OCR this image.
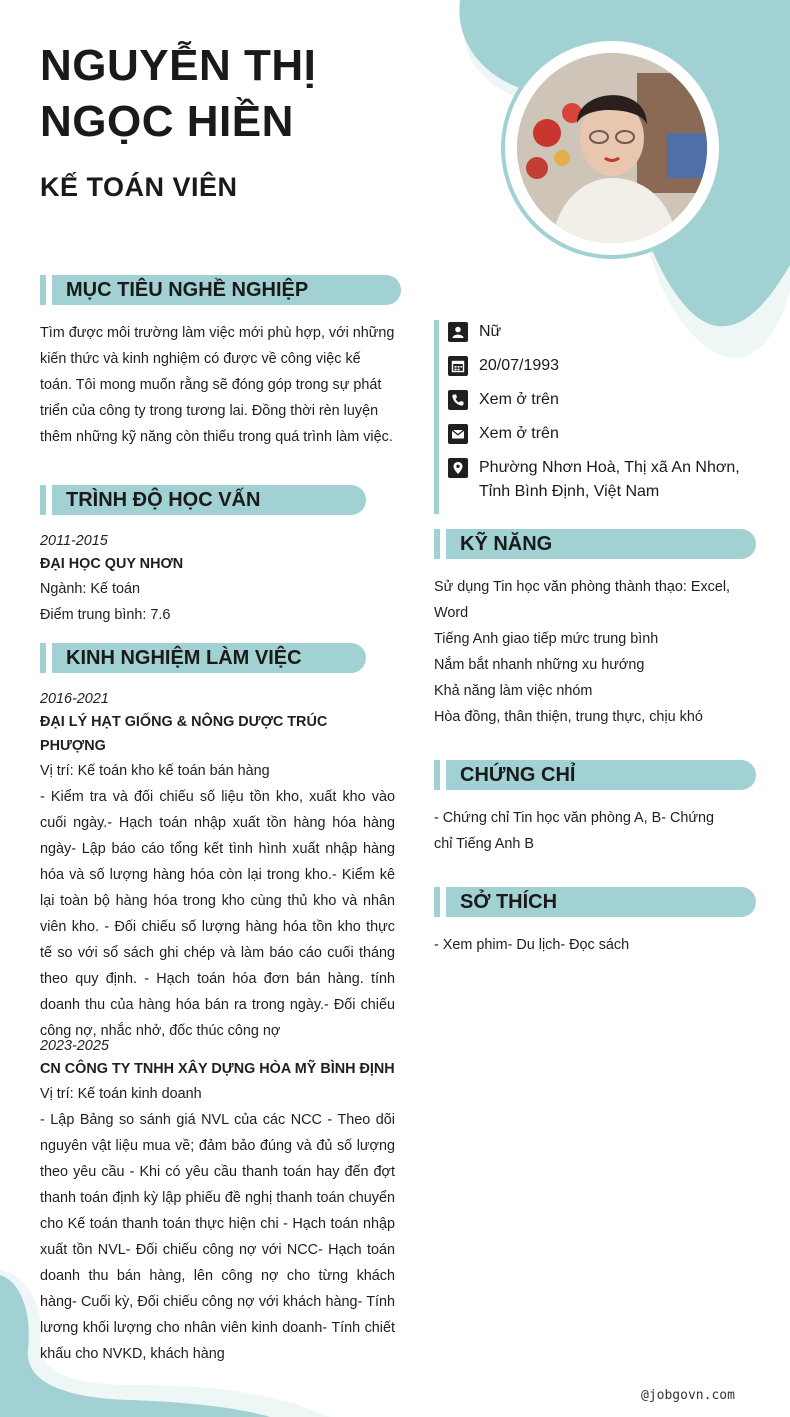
NGUYỄN THỊ
NGỌC HIỀN
KẾ TOÁN VIÊN
MỤC TIÊU NGHỀ NGHIỆP
Tìm được môi trường làm việc mới phù hợp, với những kiến thức và kinh nghiệm có được về công việc kế toán. Tôi mong muốn rằng sẽ đóng góp trong sự phát triển của công ty trong tương lai. Đồng thời rèn luyện thêm những kỹ năng còn thiếu trong quá trình làm việc.
TRÌNH ĐỘ HỌC VẤN
2011-2015
ĐẠI HỌC QUY NHƠN
Ngành: Kế toán
Điểm trung bình: 7.6
KINH NGHIỆM LÀM VIỆC
2016-2021
ĐẠI LÝ HẠT GIỐNG & NÔNG DƯỢC TRÚC PHƯỢNG
Vị trí: Kế toán kho kế toán bán hàng
- Kiểm tra và đối chiếu số liệu tồn kho, xuất kho vào cuối ngày.- Hạch toán nhập xuất tồn hàng hóa hàng ngày- Lập báo cáo tổng kết tình hình xuất nhập hàng hóa và số lượng hàng hóa còn lại trong kho.- Kiểm kê lại toàn bộ hàng hóa trong kho cùng thủ kho và nhân viên kho. - Đối chiếu số lượng hàng hóa tồn kho thực tế so với sổ sách ghi chép và làm báo cáo cuối tháng theo quy định. - Hạch toán hóa đơn bán hàng. tính doanh thu của hàng hóa bán ra trong ngày.- Đối chiếu công nợ, nhắc nhở, đốc thúc công nợ
2023-2025
CN CÔNG TY TNHH XÂY DỰNG HÒA MỸ BÌNH ĐỊNH
Vị trí: Kế toán kinh doanh
- Lập Bảng so sánh giá NVL của các NCC - Theo dõi nguyên vật liệu mua về; đảm bảo đúng và đủ số lượng theo yêu cầu - Khi có yêu cầu thanh toán hay đến đợt thanh toán định kỳ lập phiếu đề nghị thanh toán chuyển cho Kế toán thanh toán thực hiện chi - Hạch toán nhập xuất tồn NVL- Đối chiếu công nợ với NCC- Hạch toán doanh thu bán hàng, lên công nợ cho từng khách hàng- Cuối kỳ, Đối chiếu công nợ với khách hàng- Tính lương khối lượng cho nhân viên kinh doanh- Tính chiết khấu cho NVKD, khách hàng
Nữ
20/07/1993
Xem ở trên
Xem ở trên
Phường Nhơn Hoà, Thị xã An Nhơn, Tỉnh Bình Định, Việt Nam
KỸ NĂNG
Sử dụng Tin học văn phòng thành thạo: Excel, Word
Tiếng Anh giao tiếp mức trung bình
Nắm bắt nhanh những xu hướng
Khả năng làm việc nhóm
Hòa đồng, thân thiện, trung thực, chịu khó
CHỨNG CHỈ
- Chứng chỉ Tin học văn phòng A, B- Chứng chỉ Tiếng Anh B
SỞ THÍCH
- Xem phim- Du lịch- Đọc sách
@jobgovn.com
